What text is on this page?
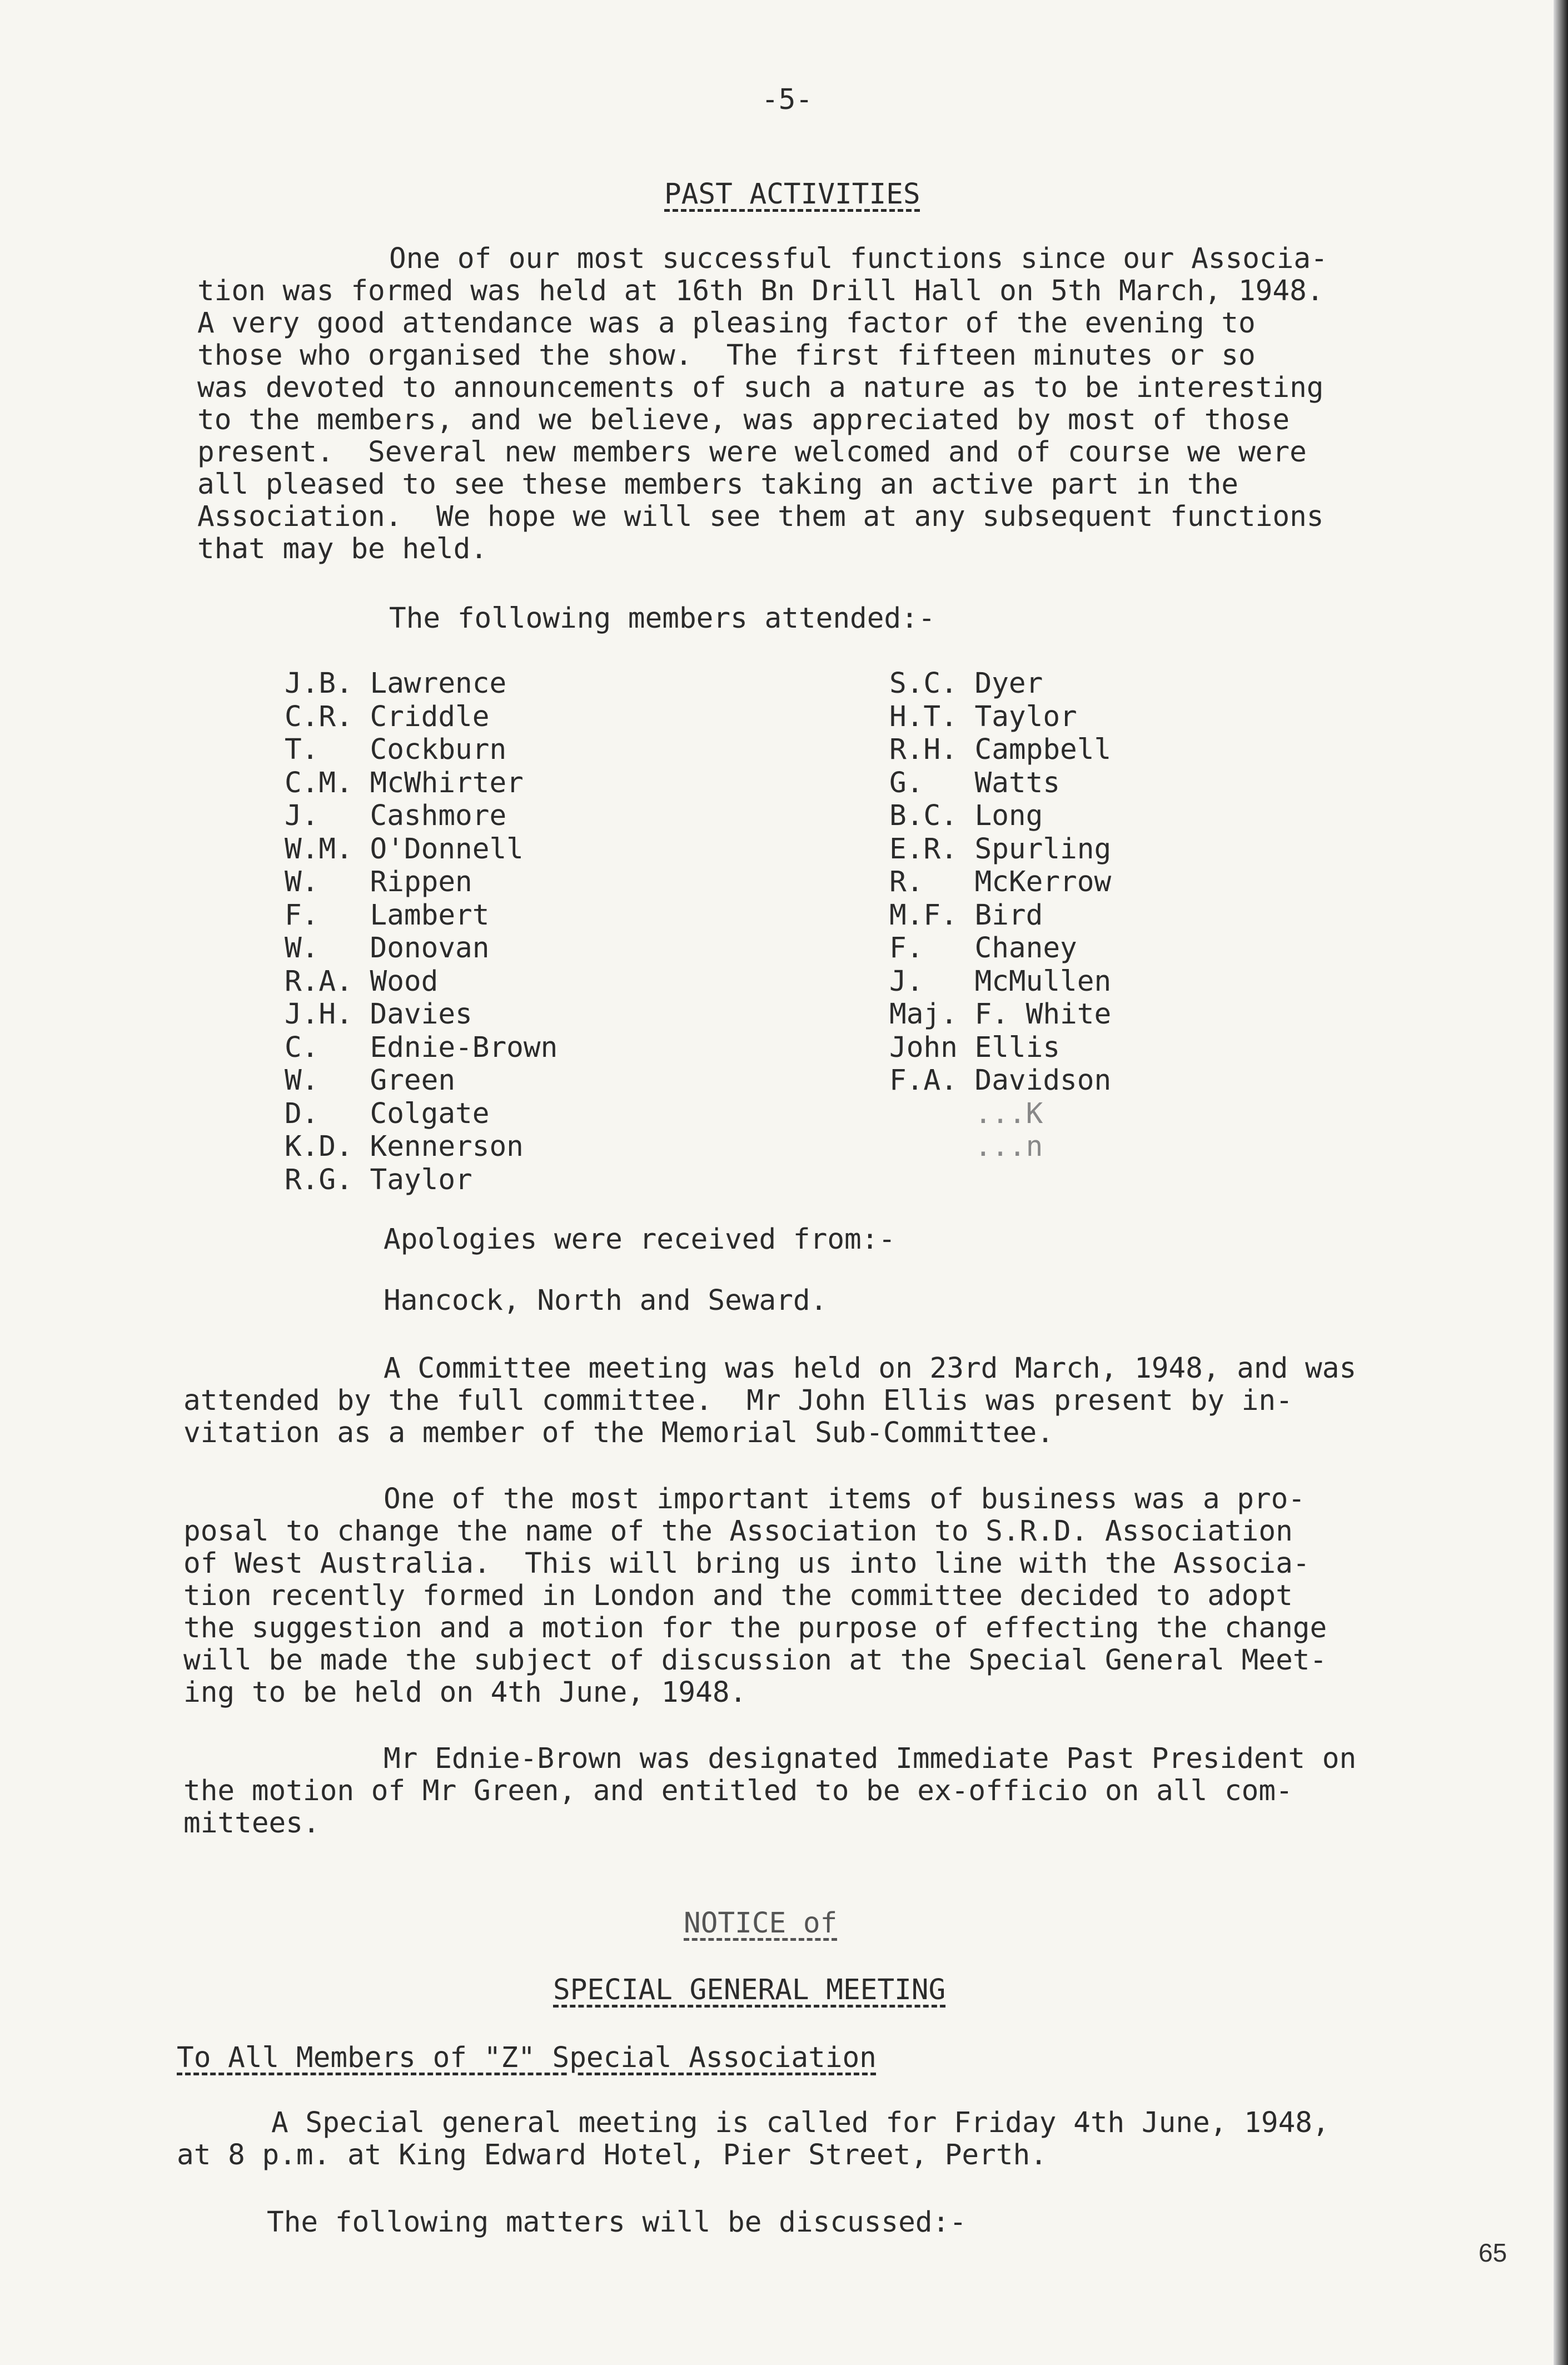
-5-
PAST ACTIVITIES
One of our most successful functions since our Associa-
tion was formed was held at 16th Bn Drill Hall on 5th March, 1948.
A very good attendance was a pleasing factor of the evening to
those who organised the show.  The first fifteen minutes or so
was devoted to announcements of such a nature as to be interesting
to the members, and we believe, was appreciated by most of those
present.  Several new members were welcomed and of course we were
all pleased to see these members taking an active part in the
Association.  We hope we will see them at any subsequent functions
that may be held.
The following members attended:-
J.B. Lawrence
C.R. Criddle
T.   Cockburn
C.M. McWhirter
J.   Cashmore
W.M. O'Donnell
W.   Rippen
F.   Lambert
W.   Donovan
R.A. Wood
J.H. Davies
C.   Ednie-Brown
W.   Green
D.   Colgate
K.D. Kennerson
R.G. Taylor
S.C. Dyer
H.T. Taylor
R.H. Campbell
G.   Watts
B.C. Long
E.R. Spurling
R.   McKerrow
M.F. Bird
F.   Chaney
J.   McMullen
Maj. F. White
John Ellis
F.A. Davidson
...K
...n
Apologies were received from:-
Hancock, North and Seward.
A Committee meeting was held on 23rd March, 1948, and was
attended by the full committee.  Mr John Ellis was present by in-
vitation as a member of the Memorial Sub-Committee.
One of the most important items of business was a pro-
posal to change the name of the Association to S.R.D. Association
of West Australia.  This will bring us into line with the Associa-
tion recently formed in London and the committee decided to adopt
the suggestion and a motion for the purpose of effecting the change
will be made the subject of discussion at the Special General Meet-
ing to be held on 4th June, 1948.
Mr Ednie-Brown was designated Immediate Past President on
the motion of Mr Green, and entitled to be ex-officio on all com-
mittees.
NOTICE of
SPECIAL GENERAL MEETING
To All Members of "Z" Special Association
A Special general meeting is called for Friday 4th June, 1948,
at 8 p.m. at King Edward Hotel, Pier Street, Perth.
The following matters will be discussed:-
65
